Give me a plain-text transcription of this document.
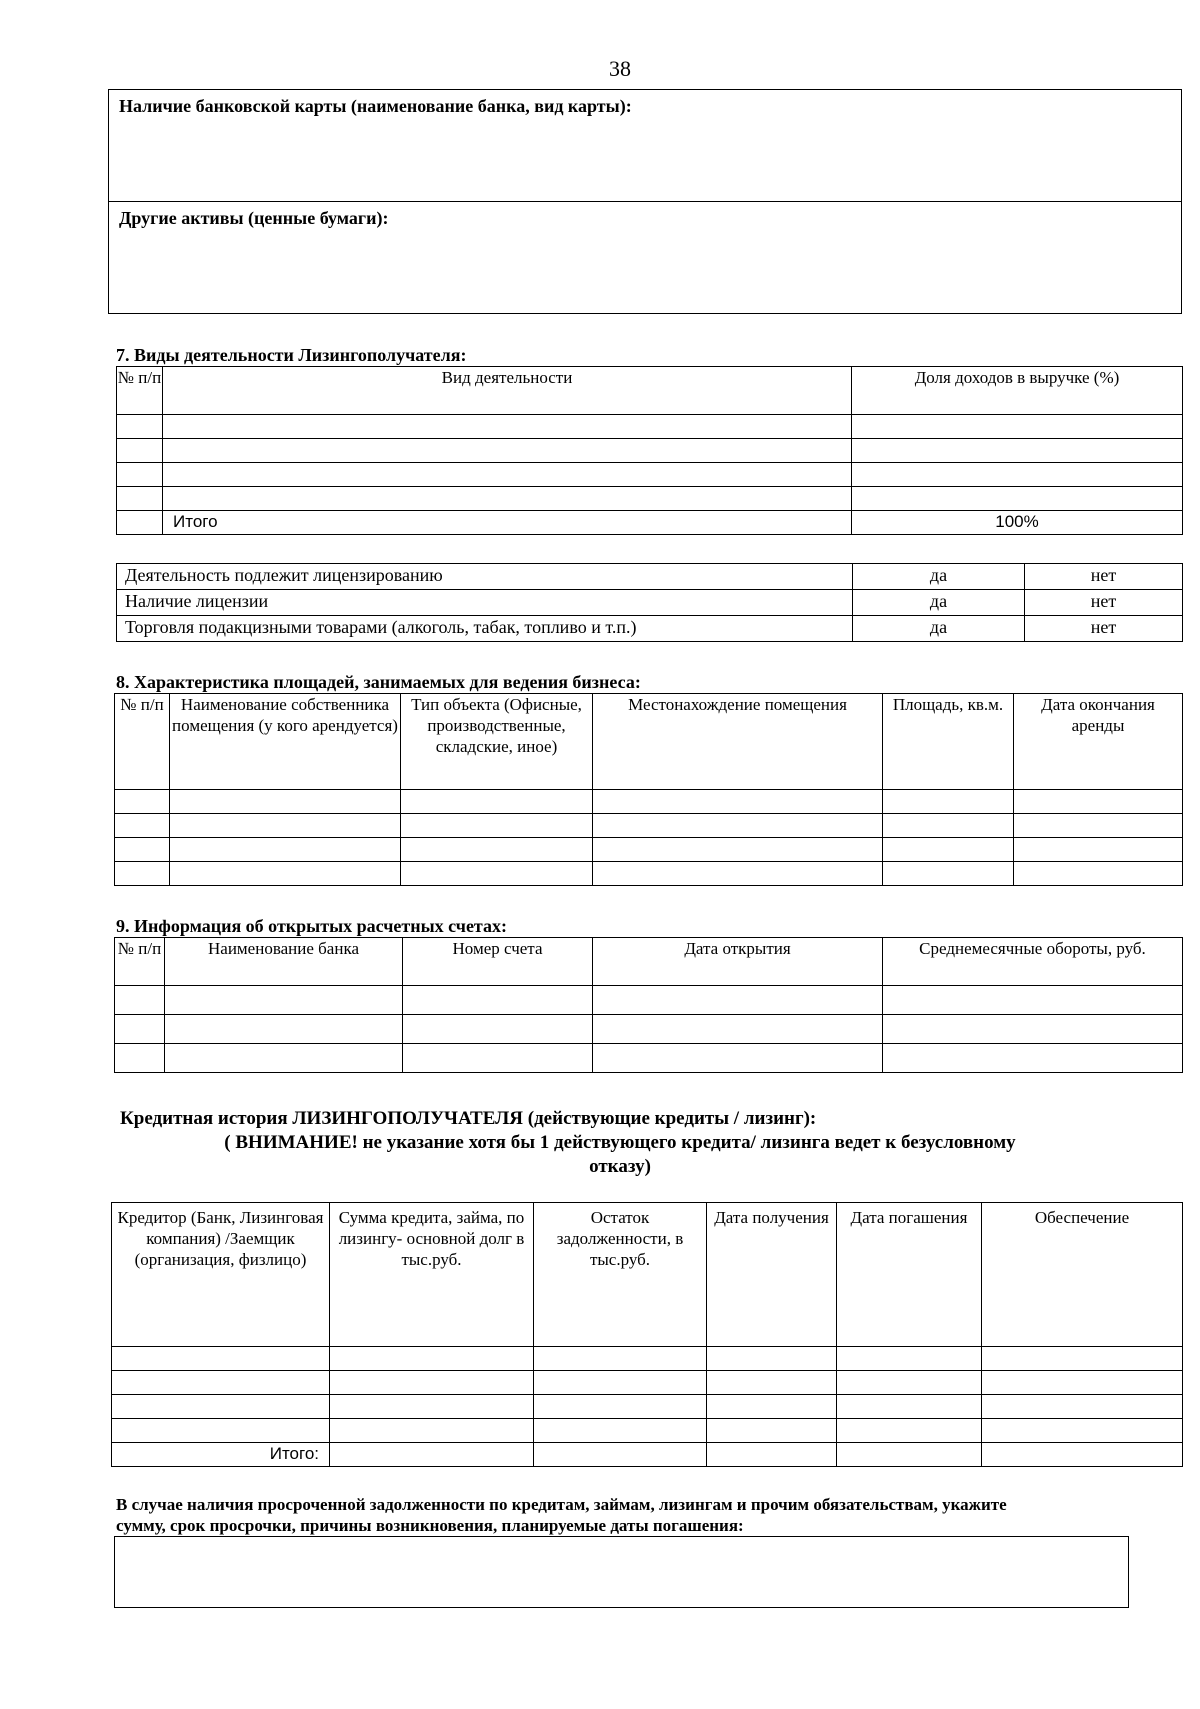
38
Наличие банковской карты (наименование банка, вид карты):
Другие активы (ценные бумаги):
7. Виды деятельности Лизингополучателя:
№ п/п	Вид деятельности	Доля доходов в выручке (%)

	Итого	100%
Деятельность подлежит лицензированию	да	нет
Наличие лицензии	да	нет
Торговля подакцизными товарами (алкоголь, табак, топливо и т.п.)	да	нет
8. Характеристика площадей, занимаемых для ведения бизнеса:
№ п/п	Наименование собственника помещения (у кого арендуется)	Тип объекта (Офисные, производственные, складские, иное)	Местонахождение помещения	Площадь, кв.м.	Дата окончания аренды

9. Информация об открытых расчетных счетах:
№ п/п	Наименование банка	Номер счета	Дата открытия	Среднемесячные обороты, руб.

Кредитная история ЛИЗИНГОПОЛУЧАТЕЛЯ (действующие кредиты / лизинг):
( ВНИМАНИЕ! не указание хотя бы 1 действующего кредита/ лизинга ведет к безусловному
отказу)
Кредитор (Банк, Лизинговая компания) /Заемщик (организация, физлицо)	Сумма кредита, займа, по лизингу- основной долг в тыс.руб.	Остаток задолженности, в тыс.руб.	Дата получения	Дата погашения	Обеспечение

Итого:					
В случае наличия просроченной задолженности по кредитам, займам, лизингам и прочим обязательствам, укажите
сумму, срок просрочки, причины возникновения, планируемые даты погашения:
